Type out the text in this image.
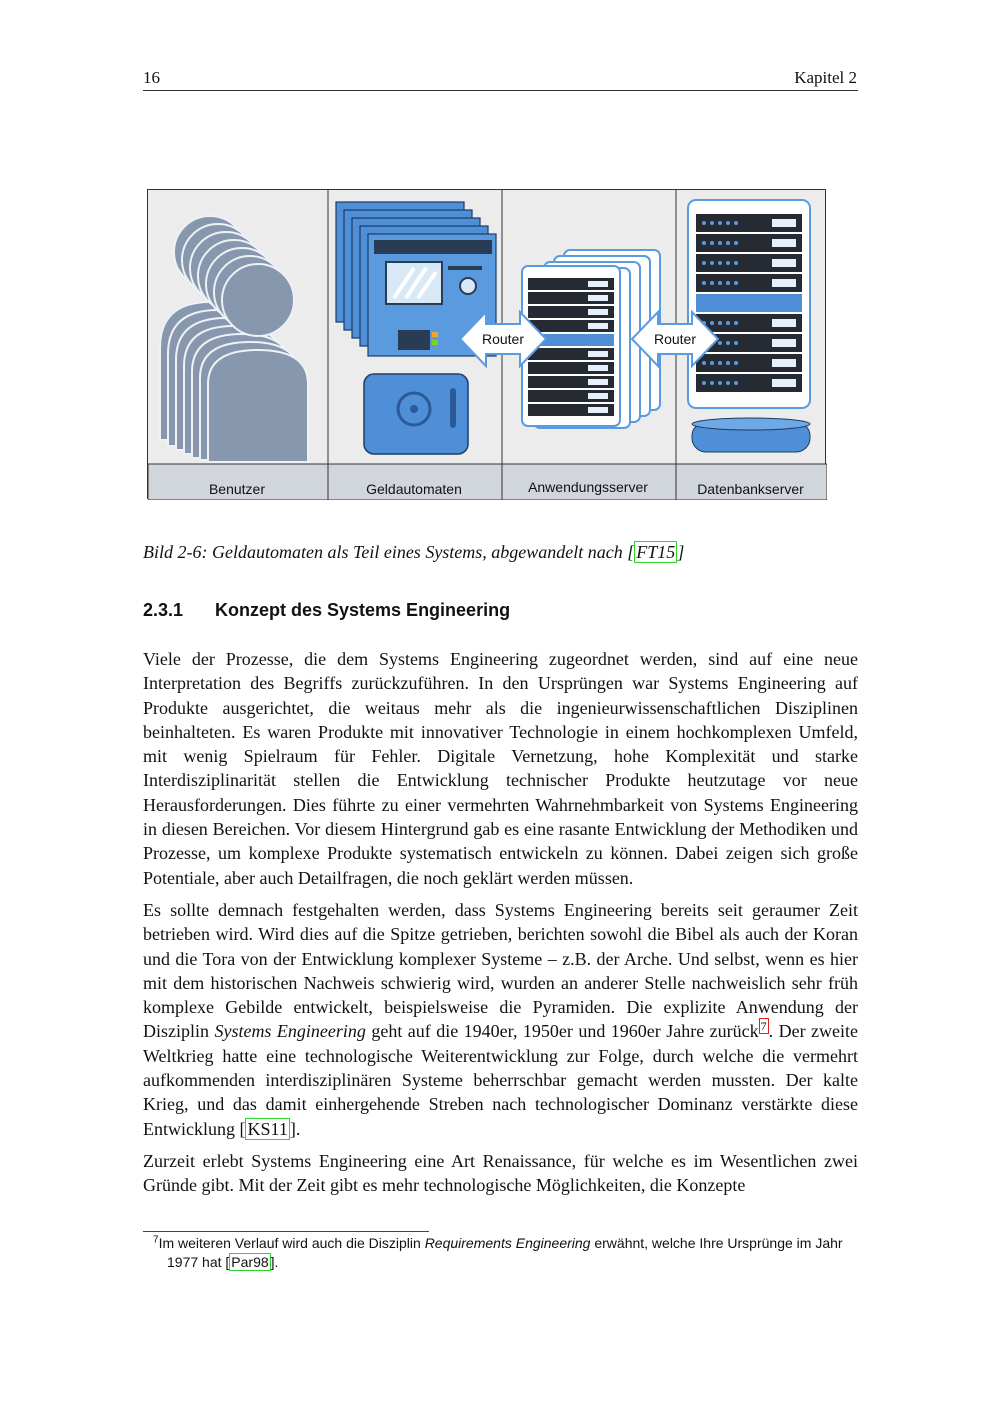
16	Kapitel 2
Router	Router
Benutzer	Geldautomaten	Anwendungsserver	Datenbankserver
Bild 2-6: Geldautomaten als Teil eines Systems, abgewandelt nach [ FT15 ]
2.3.1 Konzept des Systems Engineering

Viele der Prozesse, die dem Systems Engineering zugeordnet werden, sind auf eine neue Interpretation des Begriffs zurückzuführen. In den Ursprüngen war Systems Engineering auf Produkte ausgerichtet, die weitaus mehr als die ingenieurwissenschaftlichen Disziplinen beinhalteten. Es waren Produkte mit innovativer Technologie in einem hochkomplexen Umfeld, mit wenig Spielraum für Fehler. Digitale Vernetzung, hohe Komplexität und starke Interdisziplinarität stellen die Entwicklung technischer Produkte heutzutage vor neue Herausforderungen. Dies führte zu einer vermehrten Wahrnehmbarkeit von Systems Engineering in diesen Bereichen. Vor diesem Hintergrund gab es eine rasante Entwicklung der Methodiken und Prozesse, um komplexe Produkte systematisch entwickeln zu können. Dabei zeigen sich große Potentiale, aber auch Detailfragen, die noch geklärt werden müssen.

Es sollte demnach festgehalten werden, dass Systems Engineering bereits seit geraumer Zeit betrieben wird. Wird dies auf die Spitze getrieben, berichten sowohl die Bibel als auch der Koran und die Tora von der Entwicklung komplexer Systeme – z.B. der Arche. Und selbst, wenn es hier mit dem historischen Nachweis schwierig wird, wurden an anderer Stelle nachweislich sehr früh komplexe Gebilde entwickelt, beispielsweise die Pyramiden. Die explizite Anwendung der Disziplin Systems Engineering geht auf die 1940er, 1950er und 1960er Jahre zurück $^7$ . Der zweite Weltkrieg hatte eine technologische Weiterentwicklung zur Folge, durch welche die vermehrt aufkommenden interdisziplinären Systeme beherrschbar gemacht werden mussten. Der kalte Krieg, und das damit einhergehende Streben nach technologischer Dominanz verstärkte diese Entwicklung [ KS11 ].

Zurzeit erlebt Systems Engineering eine Art Renaissance, für welche es im Wesentlichen zwei Gründe gibt. Mit der Zeit gibt es mehr technologische Möglichkeiten, die Konzepte

$^7$Im weiteren Verlauf wird auch die Disziplin Requirements Engineering erwähnt, welche Ihre Ursprünge im Jahr 1977 hat [ Par98 ].
